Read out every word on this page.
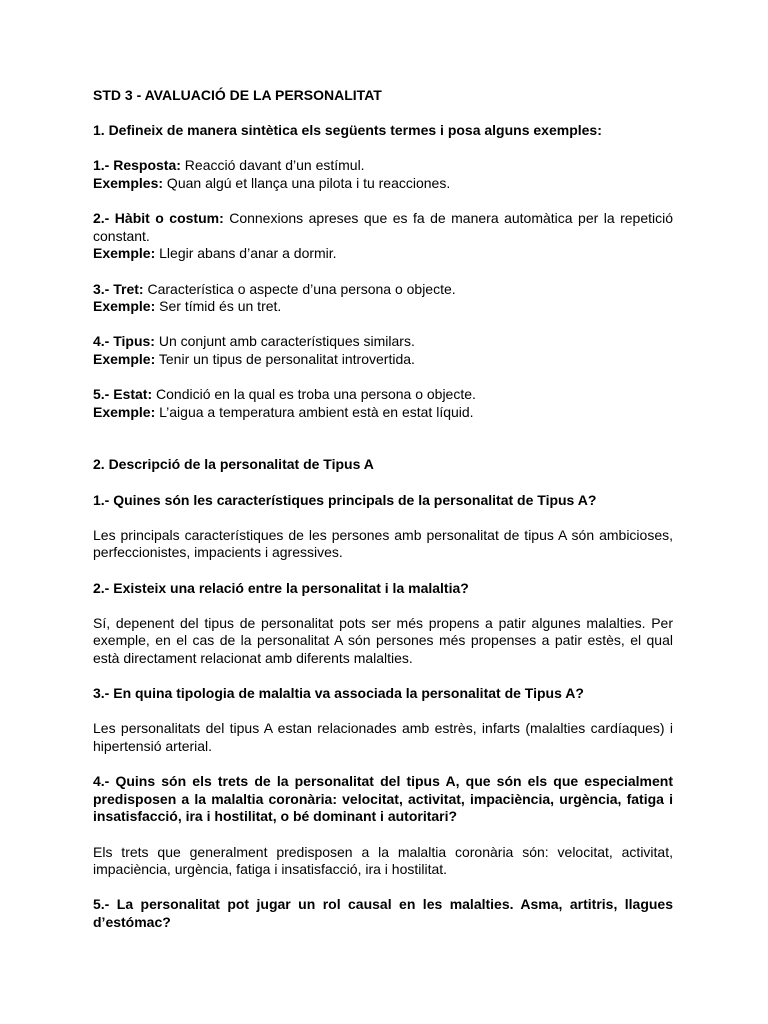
STD 3 - AVALUACIÓ DE LA PERSONALITAT

1. Defineix de manera sintètica els següents termes i posa alguns exemples:

1.- Resposta: Reacció davant d’un estímul.
Exemples: Quan algú et llança una pilota i tu reacciones.
2.- Hàbit o costum: Connexions apreses que es fa de manera automàtica per la repetició constant.
Exemple: Llegir abans d’anar a dormir.
3.- Tret: Característica o aspecte d’una persona o objecte.
Exemple: Ser tímid és un tret.
4.- Tipus: Un conjunt amb característiques similars.
Exemple: Tenir un tipus de personalitat introvertida.
5.- Estat: Condició en la qual es troba una persona o objecte.
Exemple: L’aigua a temperatura ambient està en estat líquid.

2. Descripció de la personalitat de Tipus A

1.- Quines són les característiques principals de la personalitat de Tipus A?

Les principals característiques de les persones amb personalitat de tipus A són ambicioses, perfeccionistes, impacients i agressives.

2.- Existeix una relació entre la personalitat i la malaltia?

Sí, depenent del tipus de personalitat pots ser més propens a patir algunes malalties. Per exemple, en el cas de la personalitat A són persones més propenses a patir estès, el qual està directament relacionat amb diferents malalties.

3.- En quina tipologia de malaltia va associada la personalitat de Tipus A?

Les personalitats del tipus A estan relacionades amb estrès, infarts (malalties cardíaques) i hipertensió arterial.

4.- Quins són els trets de la personalitat del tipus A, que són els que especialment predisposen a la malaltia coronària: velocitat, activitat, impaciència, urgència, fatiga i insatisfacció, ira i hostilitat, o bé dominant i autoritari?

Els trets que generalment predisposen a la malaltia coronària són: velocitat, activitat, impaciència, urgència, fatiga i insatisfacció, ira i hostilitat.

5.- La personalitat pot jugar un rol causal en les malalties. Asma, artitris, llagues d’estómac?
